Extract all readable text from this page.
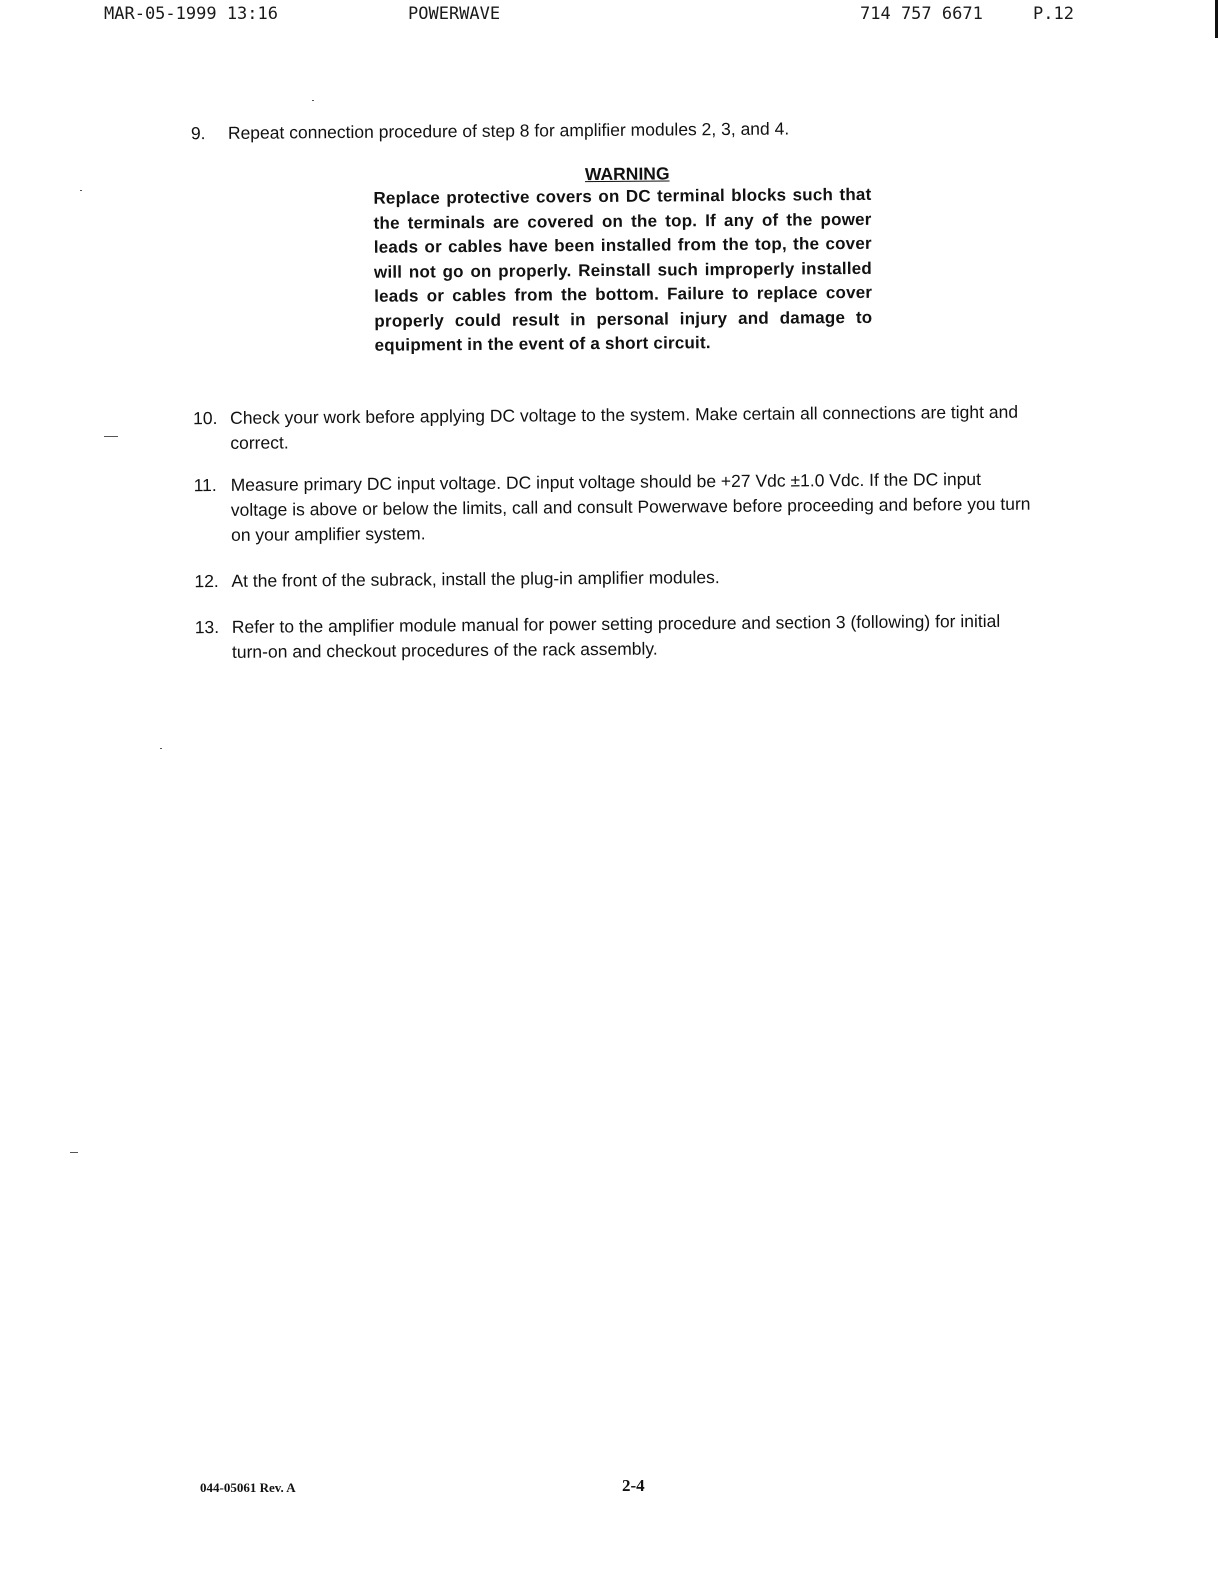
MAR-05-1999 13:16	POWERWAVE	714 757 6671	P.12
9.	Repeat connection procedure of step 8 for amplifier modules 2, 3, and 4.
WARNING
Replace protective covers on DC terminal blocks such that the terminals are covered on the top. If any of the power leads or cables have been installed from the top, the cover will not go on properly. Reinstall such improperly installed leads or cables from the bottom. Failure to replace cover properly could result in personal injury and damage to equipment in the event of a short circuit.
10. Check your work before applying DC voltage to the system. Make certain all connections are tight and correct.
11. Measure primary DC input voltage. DC input voltage should be +27 Vdc ±1.0 Vdc. If the DC input voltage is above or below the limits, call and consult Powerwave before proceeding and before you turn on your amplifier system.
12. At the front of the subrack, install the plug-in amplifier modules.
13. Refer to the amplifier module manual for power setting procedure and section 3 (following) for initial turn-on and checkout procedures of the rack assembly.
044-05061 Rev. A	2-4
